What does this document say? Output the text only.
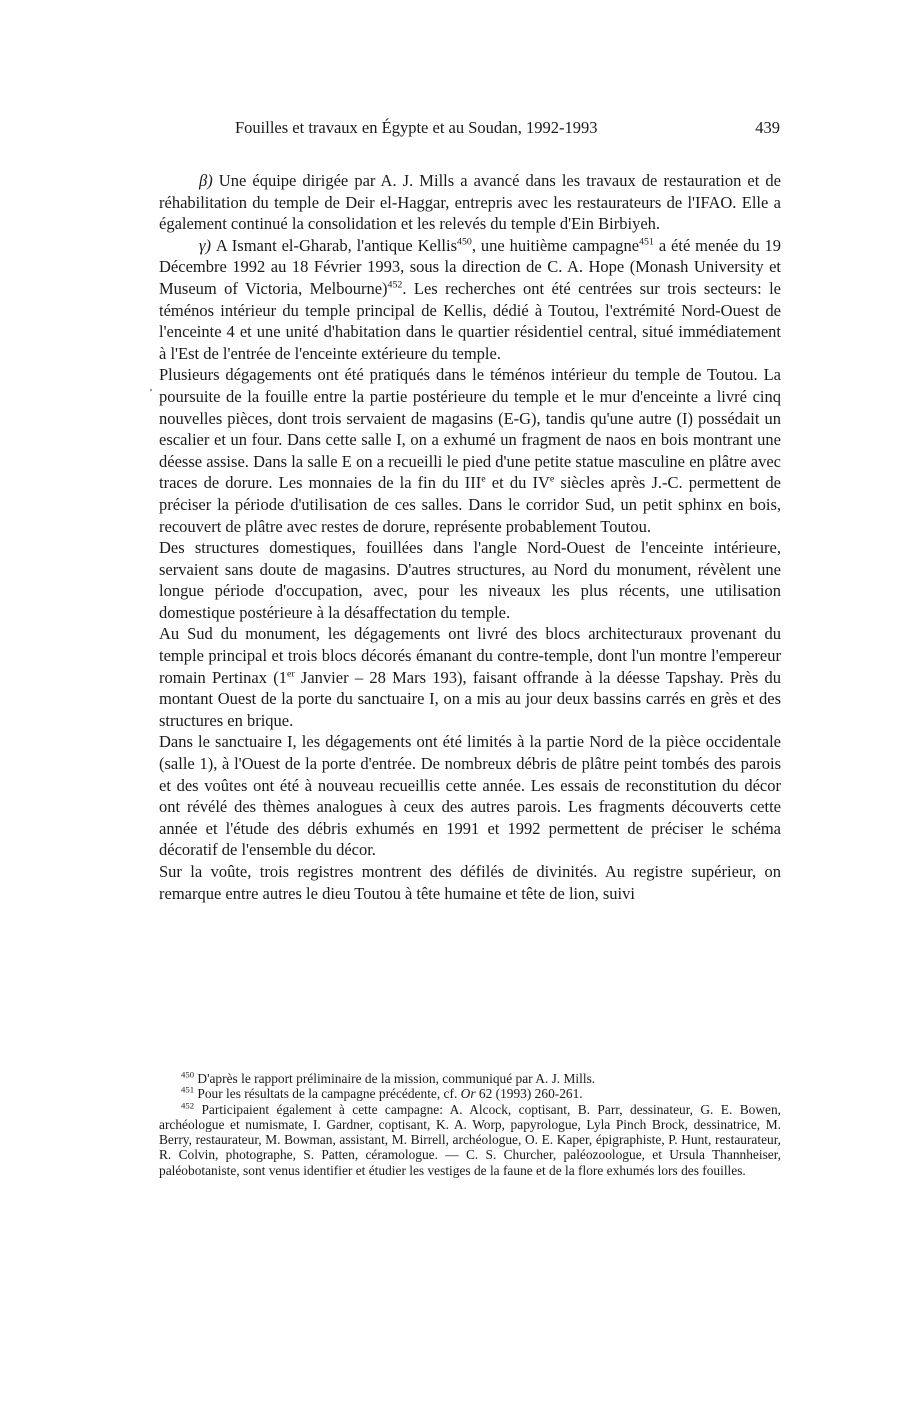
Fouilles et travaux en Égypte et au Soudan, 1992-1993	439

β) Une équipe dirigée par A. J. Mills a avancé dans les travaux de restauration et de réhabilitation du temple de Deir el-Haggar, entrepris avec les restaurateurs de l'IFAO. Elle a également continué la consolidation et les relevés du temple d'Ein Birbiyeh.

γ) A Ismant el-Gharab, l'antique Kellis$^{450}$, une huitième campagne$^{451}$ a été menée du 19 Décembre 1992 au 18 Février 1993, sous la direction de C. A. Hope (Monash University et Museum of Victoria, Melbourne)$^{452}$. Les recherches ont été centrées sur trois secteurs: le téménos intérieur du temple principal de Kellis, dédié à Toutou, l'extrémité Nord-Ouest de l'enceinte 4 et une unité d'habitation dans le quartier résidentiel central, situé immédiatement à l'Est de l'entrée de l'enceinte extérieure du temple.

Plusieurs dégagements ont été pratiqués dans le téménos intérieur du temple de Toutou. La poursuite de la fouille entre la partie postérieure du temple et le mur d'enceinte a livré cinq nouvelles pièces, dont trois servaient de magasins (E-G), tandis qu'une autre (I) possédait un escalier et un four. Dans cette salle I, on a exhumé un fragment de naos en bois montrant une déesse assise. Dans la salle E on a recueilli le pied d'une petite statue masculine en plâtre avec traces de dorure. Les monnaies de la fin du IIIe et du IVe siècles après J.-C. permettent de préciser la période d'utilisation de ces salles. Dans le corridor Sud, un petit sphinx en bois, recouvert de plâtre avec restes de dorure, représente probablement Toutou.

Des structures domestiques, fouillées dans l'angle Nord-Ouest de l'enceinte intérieure, servaient sans doute de magasins. D'autres structures, au Nord du monument, révèlent une longue période d'occupation, avec, pour les niveaux les plus récents, une utilisation domestique postérieure à la désaffectation du temple.

Au Sud du monument, les dégagements ont livré des blocs architecturaux provenant du temple principal et trois blocs décorés émanant du contre-temple, dont l'un montre l'empereur romain Pertinax (1er Janvier – 28 Mars 193), faisant offrande à la déesse Tapshay. Près du montant Ouest de la porte du sanctuaire I, on a mis au jour deux bassins carrés en grès et des structures en brique.

Dans le sanctuaire I, les dégagements ont été limités à la partie Nord de la pièce occidentale (salle 1), à l'Ouest de la porte d'entrée. De nombreux débris de plâtre peint tombés des parois et des voûtes ont été à nouveau recueillis cette année. Les essais de reconstitution du décor ont révélé des thèmes analogues à ceux des autres parois. Les fragments découverts cette année et l'étude des débris exhumés en 1991 et 1992 permettent de préciser le schéma décoratif de l'ensemble du décor.

Sur la voûte, trois registres montrent des défilés de divinités. Au registre supérieur, on remarque entre autres le dieu Toutou à tête humaine et tête de lion, suivi

$^{450}$ D'après le rapport préliminaire de la mission, communiqué par A. J. Mills.

$^{451}$ Pour les résultats de la campagne précédente, cf. Or 62 (1993) 260-261.

$^{452}$ Participaient également à cette campagne: A. Alcock, coptisant, B. Parr, dessinateur, G. E. Bowen, archéologue et numismate, I. Gardner, coptisant, K. A. Worp, papyrologue, Lyla Pinch Brock, dessinatrice, M. Berry, restaurateur, M. Bowman, assistant, M. Birrell, archéologue, O. E. Kaper, épigraphiste, P. Hunt, restaurateur, R. Colvin, photographe, S. Patten, céramologue. — C. S. Churcher, paléozoologue, et Ursula Thannheiser, paléobotaniste, sont venus identifier et étudier les vestiges de la faune et de la flore exhumés lors des fouilles.
